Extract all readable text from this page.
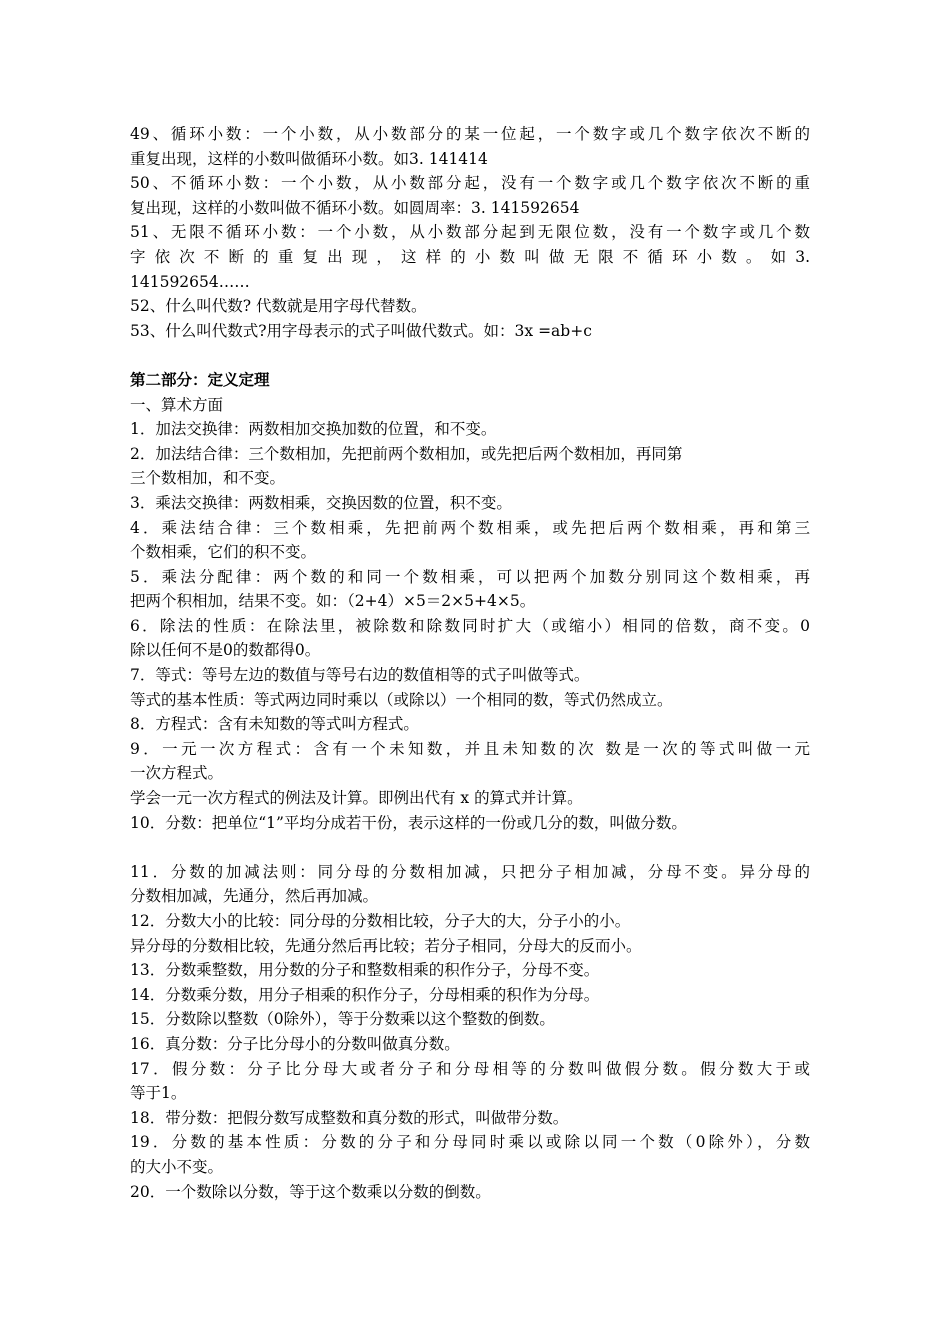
49、循环小数：一个小数，从小数部分的某一位起，一个数字或几个数字依次不断的
重复出现，这样的小数叫做循环小数。如3. 141414
50、不循环小数：一个小数，从小数部分起，没有一个数字或几个数字依次不断的重
复出现，这样的小数叫做不循环小数。如圆周率：3. 141592654
51、无限不循环小数：一个小数，从小数部分起到无限位数，没有一个数字或几个数
字依次不断的重复出现，这样的小数叫做无限不循环小数。如3.
141592654……
52、什么叫代数? 代数就是用字母代替数。
53、什么叫代数式?用字母表示的式子叫做代数式。如：3x =ab+c
第二部分：定义定理
一、算术方面
1．加法交换律：两数相加交换加数的位置，和不变。
2．加法结合律：三个数相加，先把前两个数相加，或先把后两个数相加，再同第
三个数相加，和不变。
3．乘法交换律：两数相乘，交换因数的位置，积不变。
4．乘法结合律：三个数相乘，先把前两个数相乘，或先把后两个数相乘，再和第三
个数相乘，它们的积不变。
5．乘法分配律：两个数的和同一个数相乘，可以把两个加数分别同这个数相乘，再
把两个积相加，结果不变。如：（2+4）×5＝2×5+4×5。
6．除法的性质：在除法里，被除数和除数同时扩大（或缩小）相同的倍数，商不变。0
除以任何不是0的数都得0。
7．等式：等号左边的数值与等号右边的数值相等的式子叫做等式。
等式的基本性质：等式两边同时乘以（或除以）一个相同的数，等式仍然成立。
8．方程式：含有未知数的等式叫方程式。
9．一元一次方程式：含有一个未知数，并且未知数的次 数是一次的等式叫做一元
一次方程式。
学会一元一次方程式的例法及计算。即例出代有 x 的算式并计算。
10．分数：把单位“1”平均分成若干份，表示这样的一份或几分的数，叫做分数。
11．分数的加减法则：同分母的分数相加减，只把分子相加减，分母不变。异分母的
分数相加减，先通分，然后再加减。
12．分数大小的比较：同分母的分数相比较，分子大的大，分子小的小。
异分母的分数相比较，先通分然后再比较；若分子相同，分母大的反而小。
13．分数乘整数，用分数的分子和整数相乘的积作分子，分母不变。
14．分数乘分数，用分子相乘的积作分子，分母相乘的积作为分母。
15．分数除以整数（0除外），等于分数乘以这个整数的倒数。
16．真分数：分子比分母小的分数叫做真分数。
17．假分数：分子比分母大或者分子和分母相等的分数叫做假分数。假分数大于或
等于1。
18．带分数：把假分数写成整数和真分数的形式，叫做带分数。
19．分数的基本性质：分数的分子和分母同时乘以或除以同一个数（0除外），分数
的大小不变。
20．一个数除以分数，等于这个数乘以分数的倒数。
